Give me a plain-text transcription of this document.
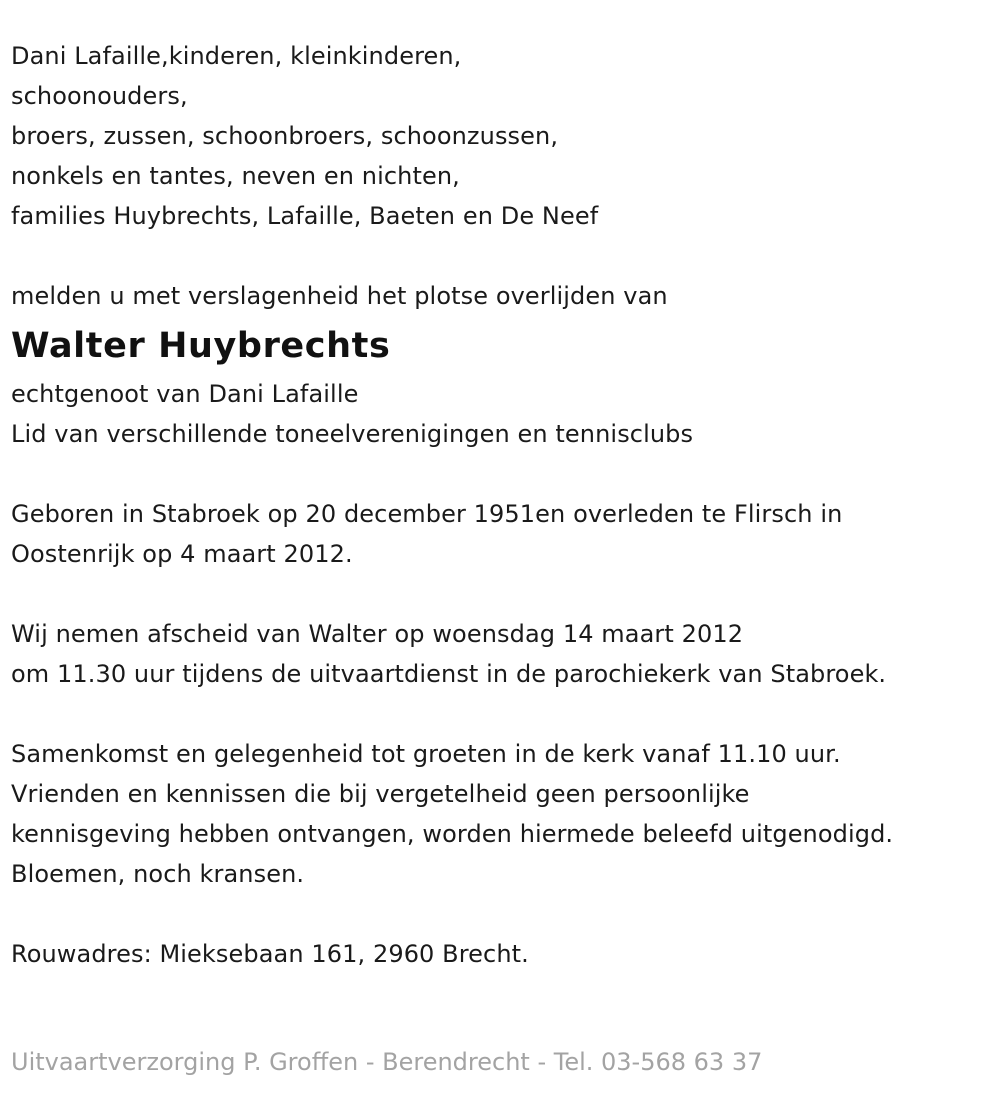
Dani Lafaille,kinderen, kleinkinderen,
schoonouders,
broers, zussen, schoonbroers, schoonzussen,
nonkels en tantes, neven en nichten,
families Huybrechts, Lafaille, Baeten en De Neef
melden u met verslagenheid het plotse overlijden van
Walter Huybrechts
echtgenoot van Dani Lafaille
Lid van verschillende toneelverenigingen en tennisclubs
Geboren in Stabroek op 20 december 1951en overleden te Flirsch in
Oostenrijk op 4 maart 2012.
Wij nemen afscheid van Walter op woensdag 14 maart 2012
om 11.30 uur tijdens de uitvaartdienst in de parochiekerk van Stabroek.
Samenkomst en gelegenheid tot groeten in de kerk vanaf 11.10 uur.
Vrienden en kennissen die bij vergetelheid geen persoonlijke
kennisgeving hebben ontvangen, worden hiermede beleefd uitgenodigd.
Bloemen, noch kransen.
Rouwadres: Mieksebaan 161, 2960 Brecht.
Uitvaartverzorging P. Groffen - Berendrecht - Tel. 03-568 63 37
